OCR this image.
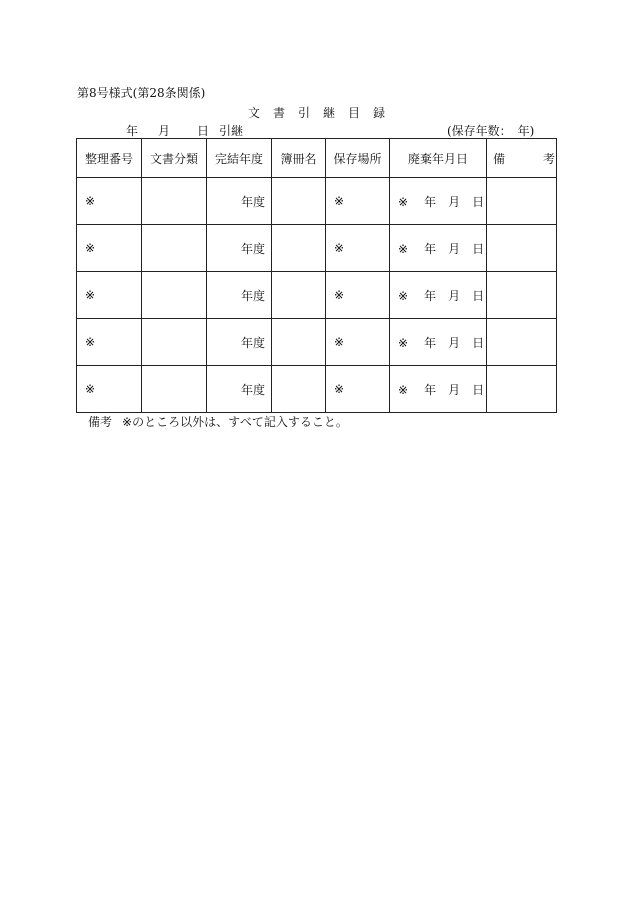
第8号様式(第28条関係)
文書引継目録
年 月 日 引継	(保存年数：　年)
整理番号	文書分類	完結年度	簿冊名	保存場所	廃棄年月日	備 考
※		年度		※	※ 年 月 日	
※		年度		※	※ 年 月 日	
※		年度		※	※ 年 月 日	
※		年度		※	※ 年 月 日	
※		年度		※	※ 年 月 日	
備考 ※のところ以外は、すべて記入すること。
